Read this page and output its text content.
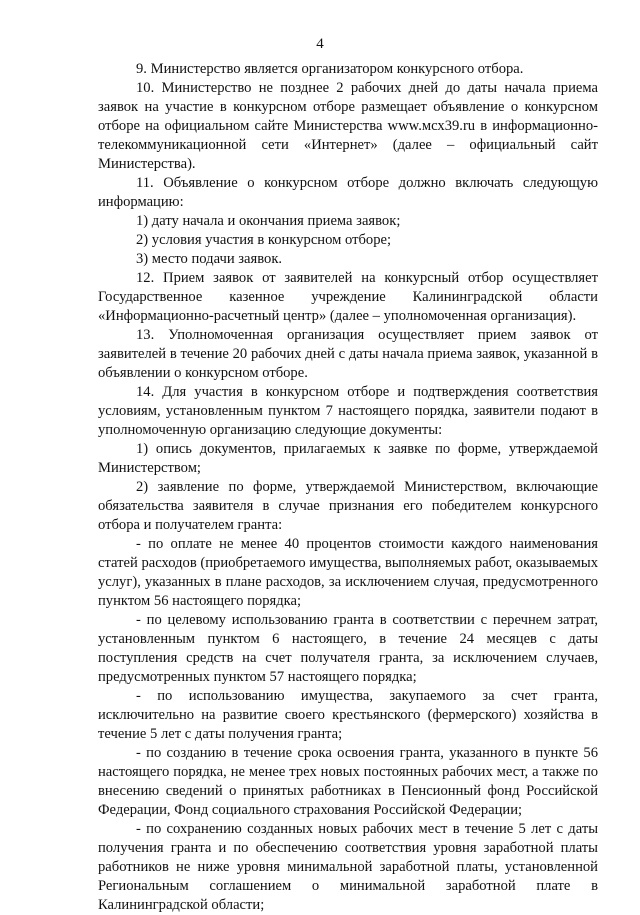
4

9. Министерство является организатором конкурсного отбора.

10. Министерство не позднее 2 рабочих дней до даты начала приема заявок на участие в конкурсном отборе размещает объявление о конкурсном отборе на официальном сайте Министерства www.мсх39.ru в информационно-телекоммуникационной сети «Интернет» (далее – официальный сайт Министерства).

11. Объявление о конкурсном отборе должно включать следующую информацию:

1) дату начала и окончания приема заявок;

2) условия участия в конкурсном отборе;

3) место подачи заявок.

12. Прием заявок от заявителей на конкурсный отбор осуществляет Государственное казенное учреждение Калининградской области «Информационно-расчетный центр» (далее – уполномоченная организация).

13. Уполномоченная организация осуществляет прием заявок от заявителей в течение 20 рабочих дней с даты начала приема заявок, указанной в объявлении о конкурсном отборе.

14. Для участия в конкурсном отборе и подтверждения соответствия условиям, установленным пунктом 7 настоящего порядка, заявители подают в уполномоченную организацию следующие документы:

1) опись документов, прилагаемых к заявке по форме, утверждаемой Министерством;

2) заявление по форме, утверждаемой Министерством, включающие обязательства заявителя в случае признания его победителем конкурсного отбора и получателем гранта:

- по оплате не менее 40 процентов стоимости каждого наименования статей расходов (приобретаемого имущества, выполняемых работ, оказываемых услуг), указанных в плане расходов, за исключением случая, предусмотренного пунктом 56 настоящего порядка;

- по целевому использованию гранта в соответствии с перечнем затрат, установленным пунктом 6 настоящего, в течение 24 месяцев с даты поступления средств на счет получателя гранта, за исключением случаев, предусмотренных пунктом 57 настоящего порядка;

- по использованию имущества, закупаемого за счет гранта, исключительно на развитие своего крестьянского (фермерского) хозяйства в течение 5 лет с даты получения гранта;

- по созданию в течение срока освоения гранта, указанного в пункте 56 настоящего порядка, не менее трех новых постоянных рабочих мест, а также по внесению сведений о принятых работниках в Пенсионный фонд Российской Федерации, Фонд социального страхования Российской Федерации;

- по сохранению созданных новых рабочих мест в течение 5 лет с даты получения гранта и по обеспечению соответствия уровня заработной платы работников не ниже уровня минимальной заработной платы, установленной Региональным соглашением о минимальной заработной плате в Калининградской области;
